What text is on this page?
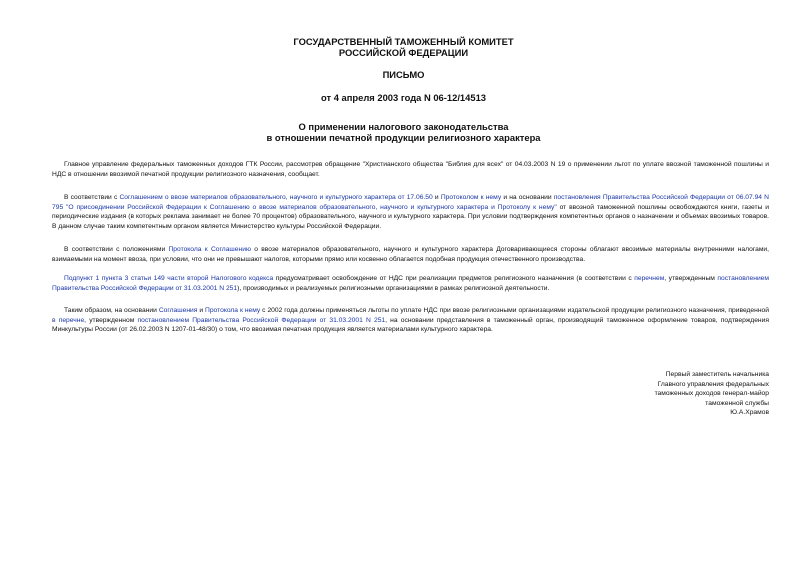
ГОСУДАРСТВЕННЫЙ ТАМОЖЕННЫЙ КОМИТЕТ
РОССИЙСКОЙ ФЕДЕРАЦИИ
ПИСЬМО
от 4 апреля 2003 года N 06-12/14513
О применении налогового законодательства
в отношении печатной продукции религиозного характера

Главное управление федеральных таможенных доходов ГТК России, рассмотрев обращение "Христианского общества "Библия для всех" от 04.03.2003 N 19 о применении льгот по уплате ввозной таможенной пошлины и НДС в отношении ввозимой печатной продукции религиозного назначения, сообщает.

В соответствии с Соглашением о ввозе материалов образовательного, научного и культурного характера от 17.06.50 и Протоколом к нему и на основании постановления Правительства Российской Федерации от 06.07.94 N 795 "О присоединении Российской Федерации к Соглашению о ввозе материалов образовательного, научного и культурного характера и Протоколу к нему" от ввозной таможенной пошлины освобождаются книги, газеты и периодические издания (в которых реклама занимает не более 70 процентов) образовательного, научного и культурного характера. При условии подтверждения компетентных органов о назначении и объемах ввозимых товаров. В данном случае таким компетентным органом является Министерство культуры Российской Федерации.

В соответствии с положениями Протокола к Соглашению о ввозе материалов образовательного, научного и культурного характера Договаривающиеся стороны облагают ввозимые материалы внутренними налогами, взимаемыми на момент ввоза, при условии, что они не превышают налогов, которыми прямо или косвенно облагается подобная продукция отечественного производства.

Подпункт 1 пункта 3 статьи 149 части второй Налогового кодекса предусматривает освобождение от НДС при реализации предметов религиозного назначения (в соответствии с перечнем, утвержденным постановлением Правительства Российской Федерации от 31.03.2001 N 251), производимых и реализуемых религиозными организациями в рамках религиозной деятельности.

Таким образом, на основании Соглашения и Протокола к нему с 2002 года должны применяться льготы по уплате НДС при ввозе религиозными организациями издательской продукции религиозного назначения, приведенной в перечне, утвержденном постановлением Правительства Российской Федерации от 31.03.2001 N 251, на основании представления в таможенный орган, производящий таможенное оформление товаров, подтверждения Минкультуры России (от 26.02.2003 N 1207-01-48/30) о том, что ввозимая печатная продукция является материалами культурного характера.

Первый заместитель начальника
Главного управления федеральных
таможенных доходов генерал-майор
таможенной службы
Ю.А.Храмов
